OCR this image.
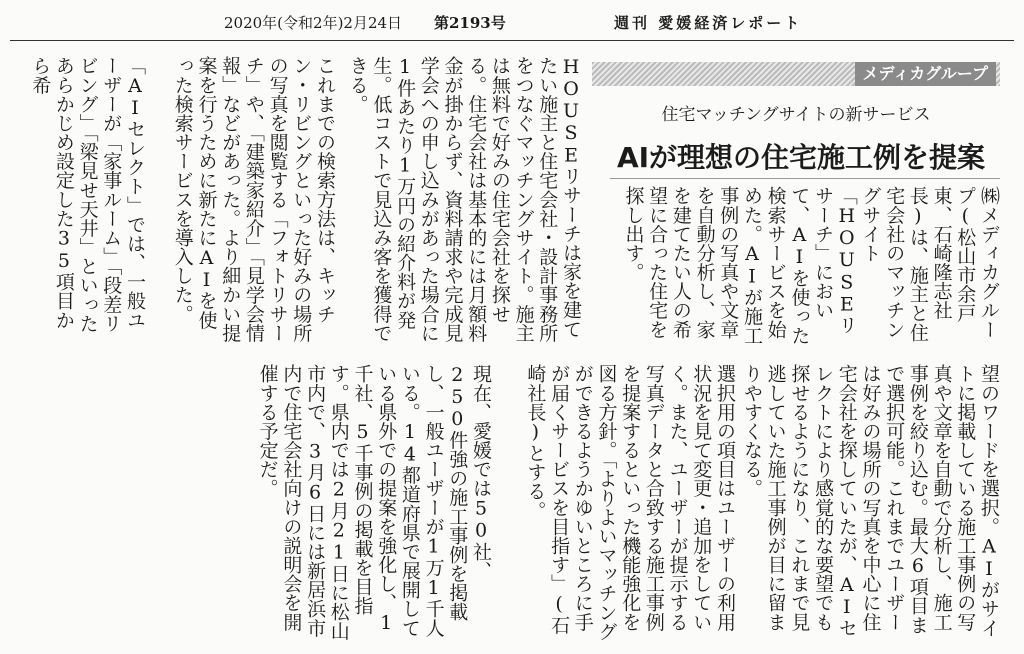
2020年(令和2年)2月24日 第2193号	週刊 愛媛経済レポート
メディカグループ
住宅マッチングサイトの新サービス
AIが理想の住宅施工例を提案
㈱メディカグループ(松山市余戸東、石崎隆志社長)は、施主と住宅会社のマッチングサイト「HOUSEリサーチ」において、AIを使った検索サービスを始めた。AIが施工事例の写真や文章を自動分析し、家を建てたい人の希望に合った住宅を探し出す。
HOUSEリサーチは家を建てたい施主と住宅会社・設計事務所をつなぐマッチングサイト。施主は無料で好みの住宅会社を探せる。住宅会社は基本的には月額料金が掛からず、資料請求や完成見学会への申し込みがあった場合に1件あたり1万円の紹介料が発生。低コストで見込み客を獲得できる。
これまでの検索方法は、キッチン・リビングといった好みの場所の写真を閲覧する「フォトリサーチ」や、「建築家紹介」「見学会情報」などがあった。より細かい提案を行うために新たにAIを使った検索サービスを導入した。
「AIセレクト」では、一般ユーザーが「家事ルーム」「段差リビング」「梁見せ天井」といったあらかじめ設定した35項目から希
望のワードを選択。AIがサイトに掲載している施工事例の写真や文章を自動で分析し、施工事例を絞り込む。最大6項目まで選択可能。これまでユーザーは好みの場所の写真を中心に住宅会社を探していたが、AIセレクトにより感覚的な要望でも探せるようになり、これまで見逃していた施工事例が目に留まりやすくなる。
選択用の項目はユーザーの利用状況を見て変更・追加をしていく。また、ユーザーが提示する写真データと合致する施工事例を提案するといった機能強化を図る方針。「よりよいマッチングができるようかゆいところに手が届くサービスを目指す」(石崎社長)とする。
現在、愛媛では50社、250件強の施工事例を掲載し、一般ユーザーが1万1千人いる。14都道府県で展開している県外での提案を強化し、1千社、5千事例の掲載を目指す。県内では2月21日に松山市内で、3月6日には新居浜市内で住宅会社向けの説明会を開催する予定だ。
